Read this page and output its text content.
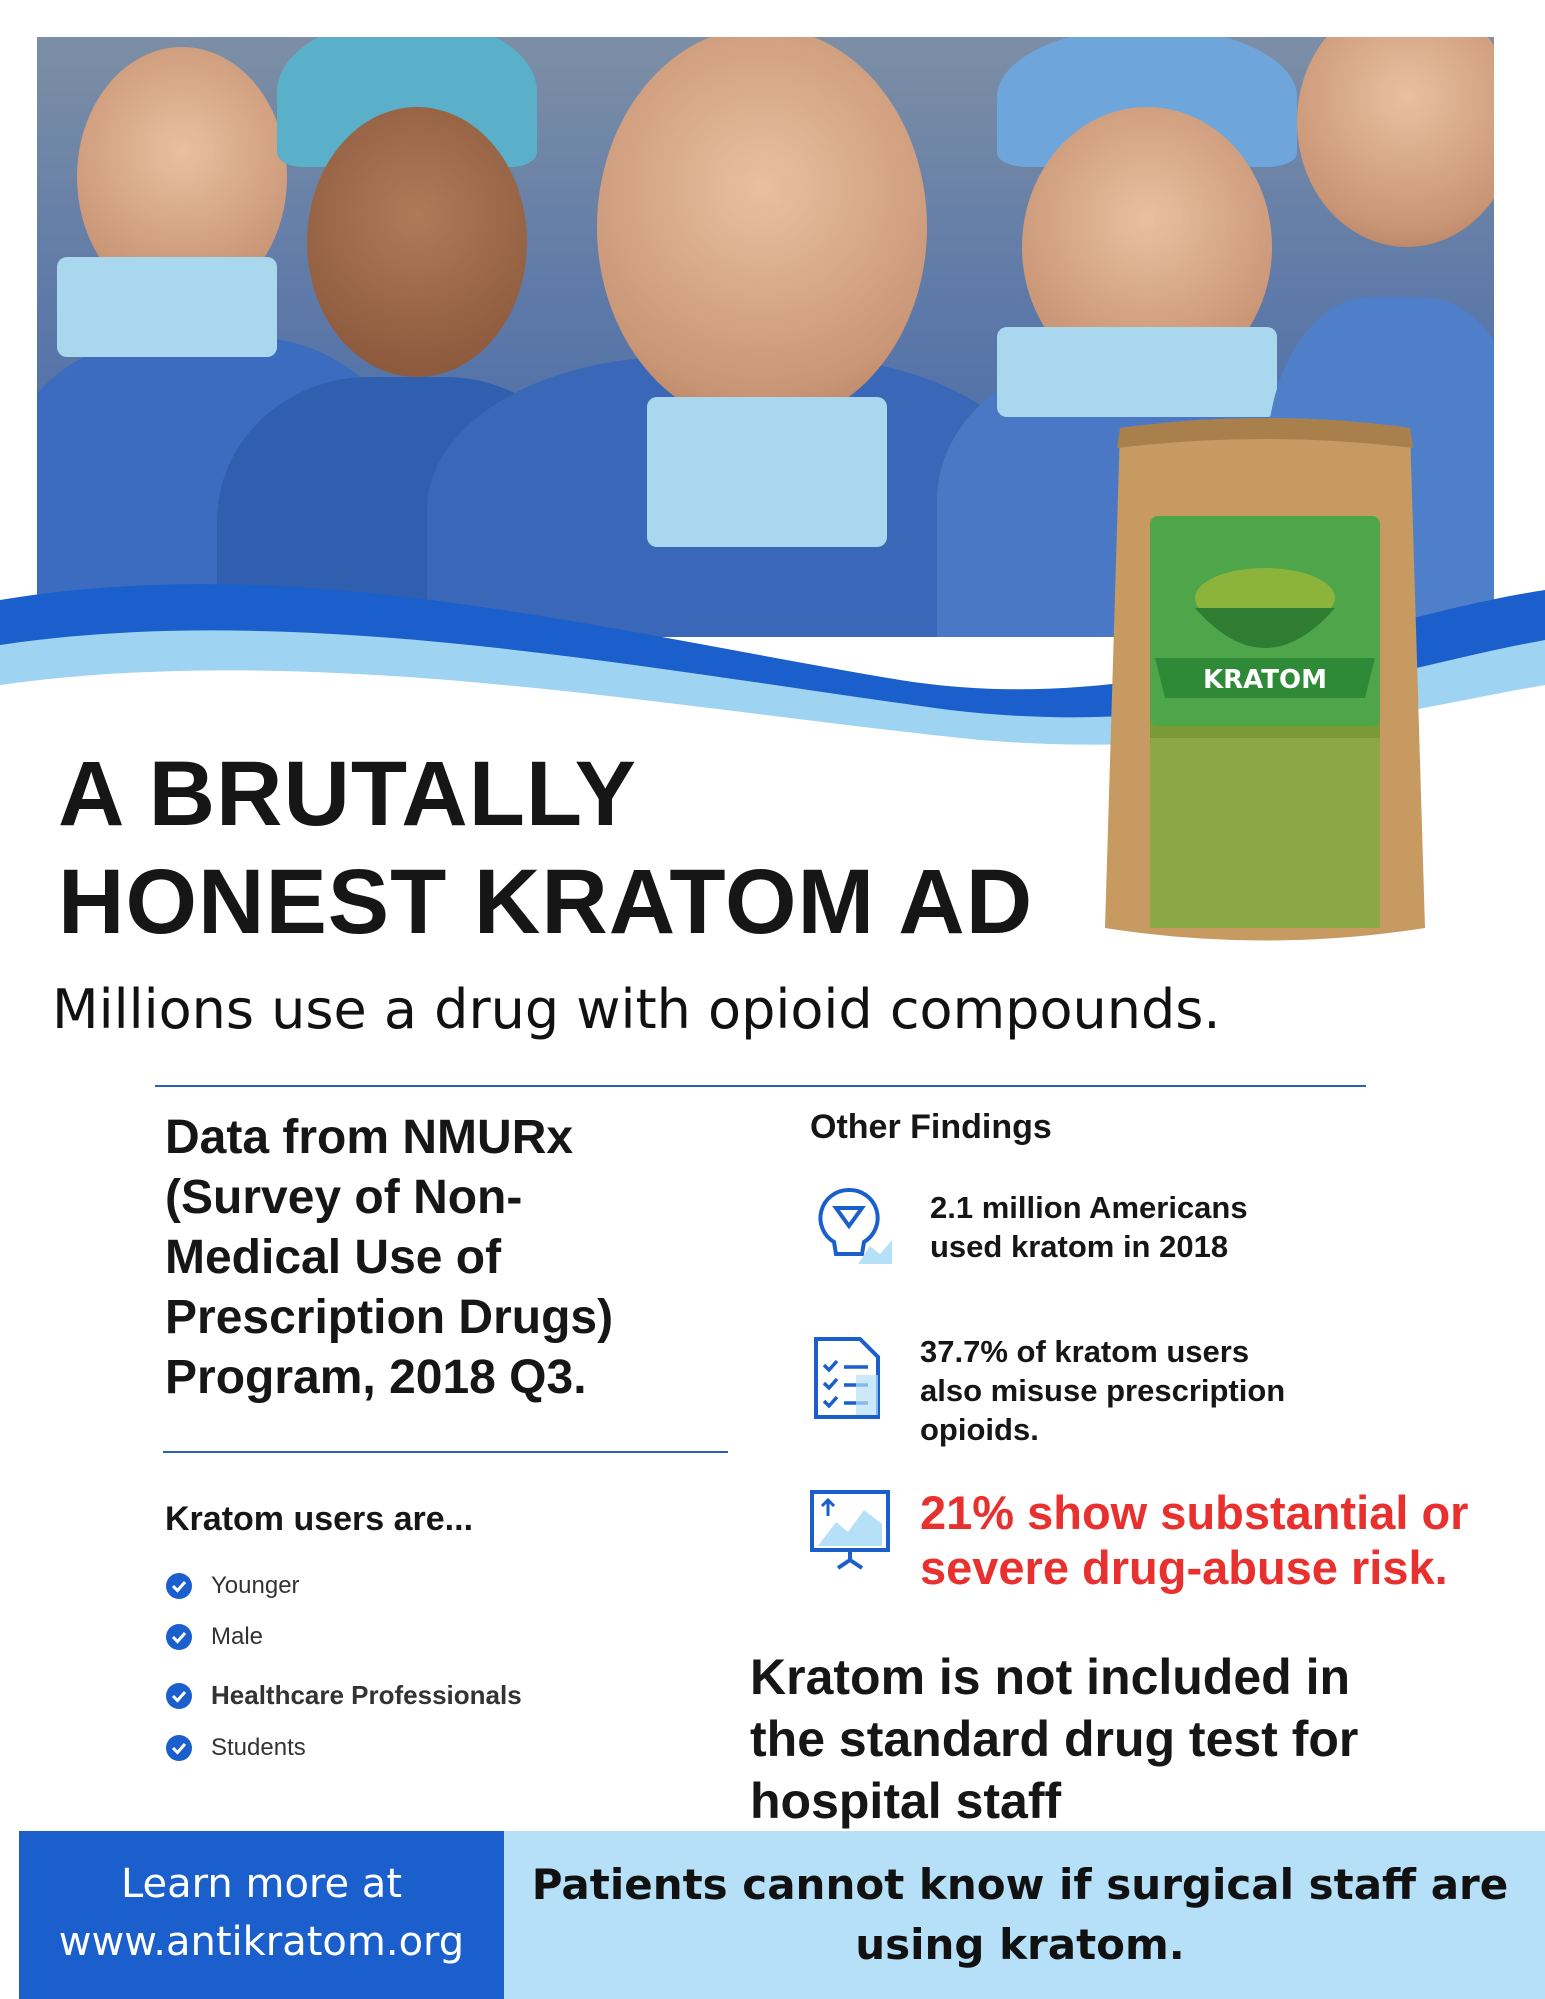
KRATOM
A BRUTALLY
HONEST KRATOM AD
Millions use a drug with opioid compounds.
Data from NMURx
(Survey of Non-
Medical Use of
Prescription Drugs)
Program, 2018 Q3.
Kratom users are...
Younger
Male
Healthcare Professionals
Students
Other Findings
2.1 million Americans
used kratom in 2018
37.7% of kratom users
also misuse prescription
opioids.
21% show substantial or
severe drug-abuse risk.
Kratom is not included in
the standard drug test for
hospital staff
Learn more at
www.antikratom.org
Patients cannot know if surgical staff are
using kratom.
